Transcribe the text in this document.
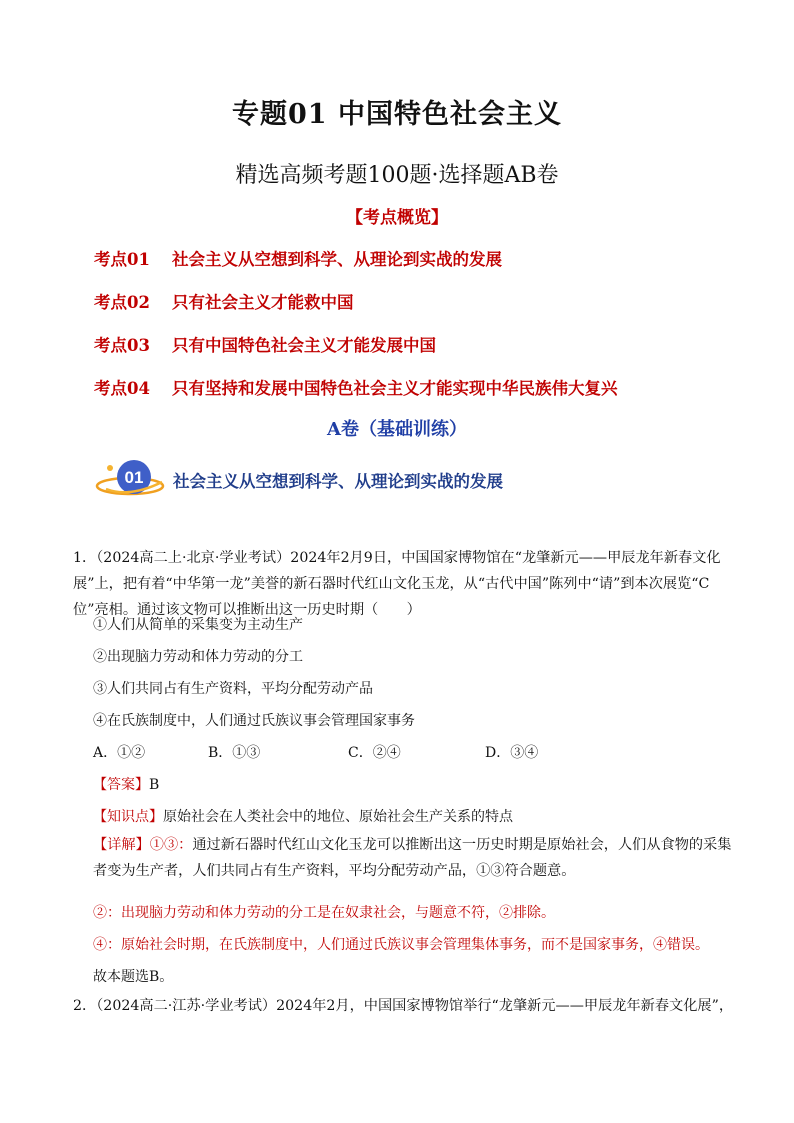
专题01 中国特色社会主义
精选高频考题100题·选择题AB卷
【考点概览】
考点01 社会主义从空想到科学、从理论到实战的发展
考点02 只有社会主义才能救中国
考点03 只有中国特色社会主义才能发展中国
考点04 只有坚持和发展中国特色社会主义才能实现中华民族伟大复兴
A卷（基础训练）
01 社会主义从空想到科学、从理论到实战的发展
1．（2024高二上·北京·学业考试）2024年2月9日，中国国家博物馆在“龙肇新元——甲辰龙年新春文化展”上，把有着“中华第一龙”美誉的新石器时代红山文化玉龙，从“古代中国”陈列中“请”到本次展览“C位”亮相。通过该文物可以推断出这一历史时期（　　）
①人们从简单的采集变为主动生产
②出现脑力劳动和体力劳动的分工
③人们共同占有生产资料，平均分配劳动产品
④在氏族制度中，人们通过氏族议事会管理国家事务
A．①②	B．①③	C．②④	D．③④
【答案】B
【知识点】原始社会在人类社会中的地位、原始社会生产关系的特点
【详解】①③：通过新石器时代红山文化玉龙可以推断出这一历史时期是原始社会，人们从食物的采集者变为生产者，人们共同占有生产资料，平均分配劳动产品，①③符合题意。
②：出现脑力劳动和体力劳动的分工是在奴隶社会，与题意不符，②排除。
④：原始社会时期，在氏族制度中，人们通过氏族议事会管理集体事务，而不是国家事务，④错误。
故本题选B。
2．（2024高二·江苏·学业考试）2024年2月，中国国家博物馆举行“龙肇新元——甲辰龙年新春文化展”，
